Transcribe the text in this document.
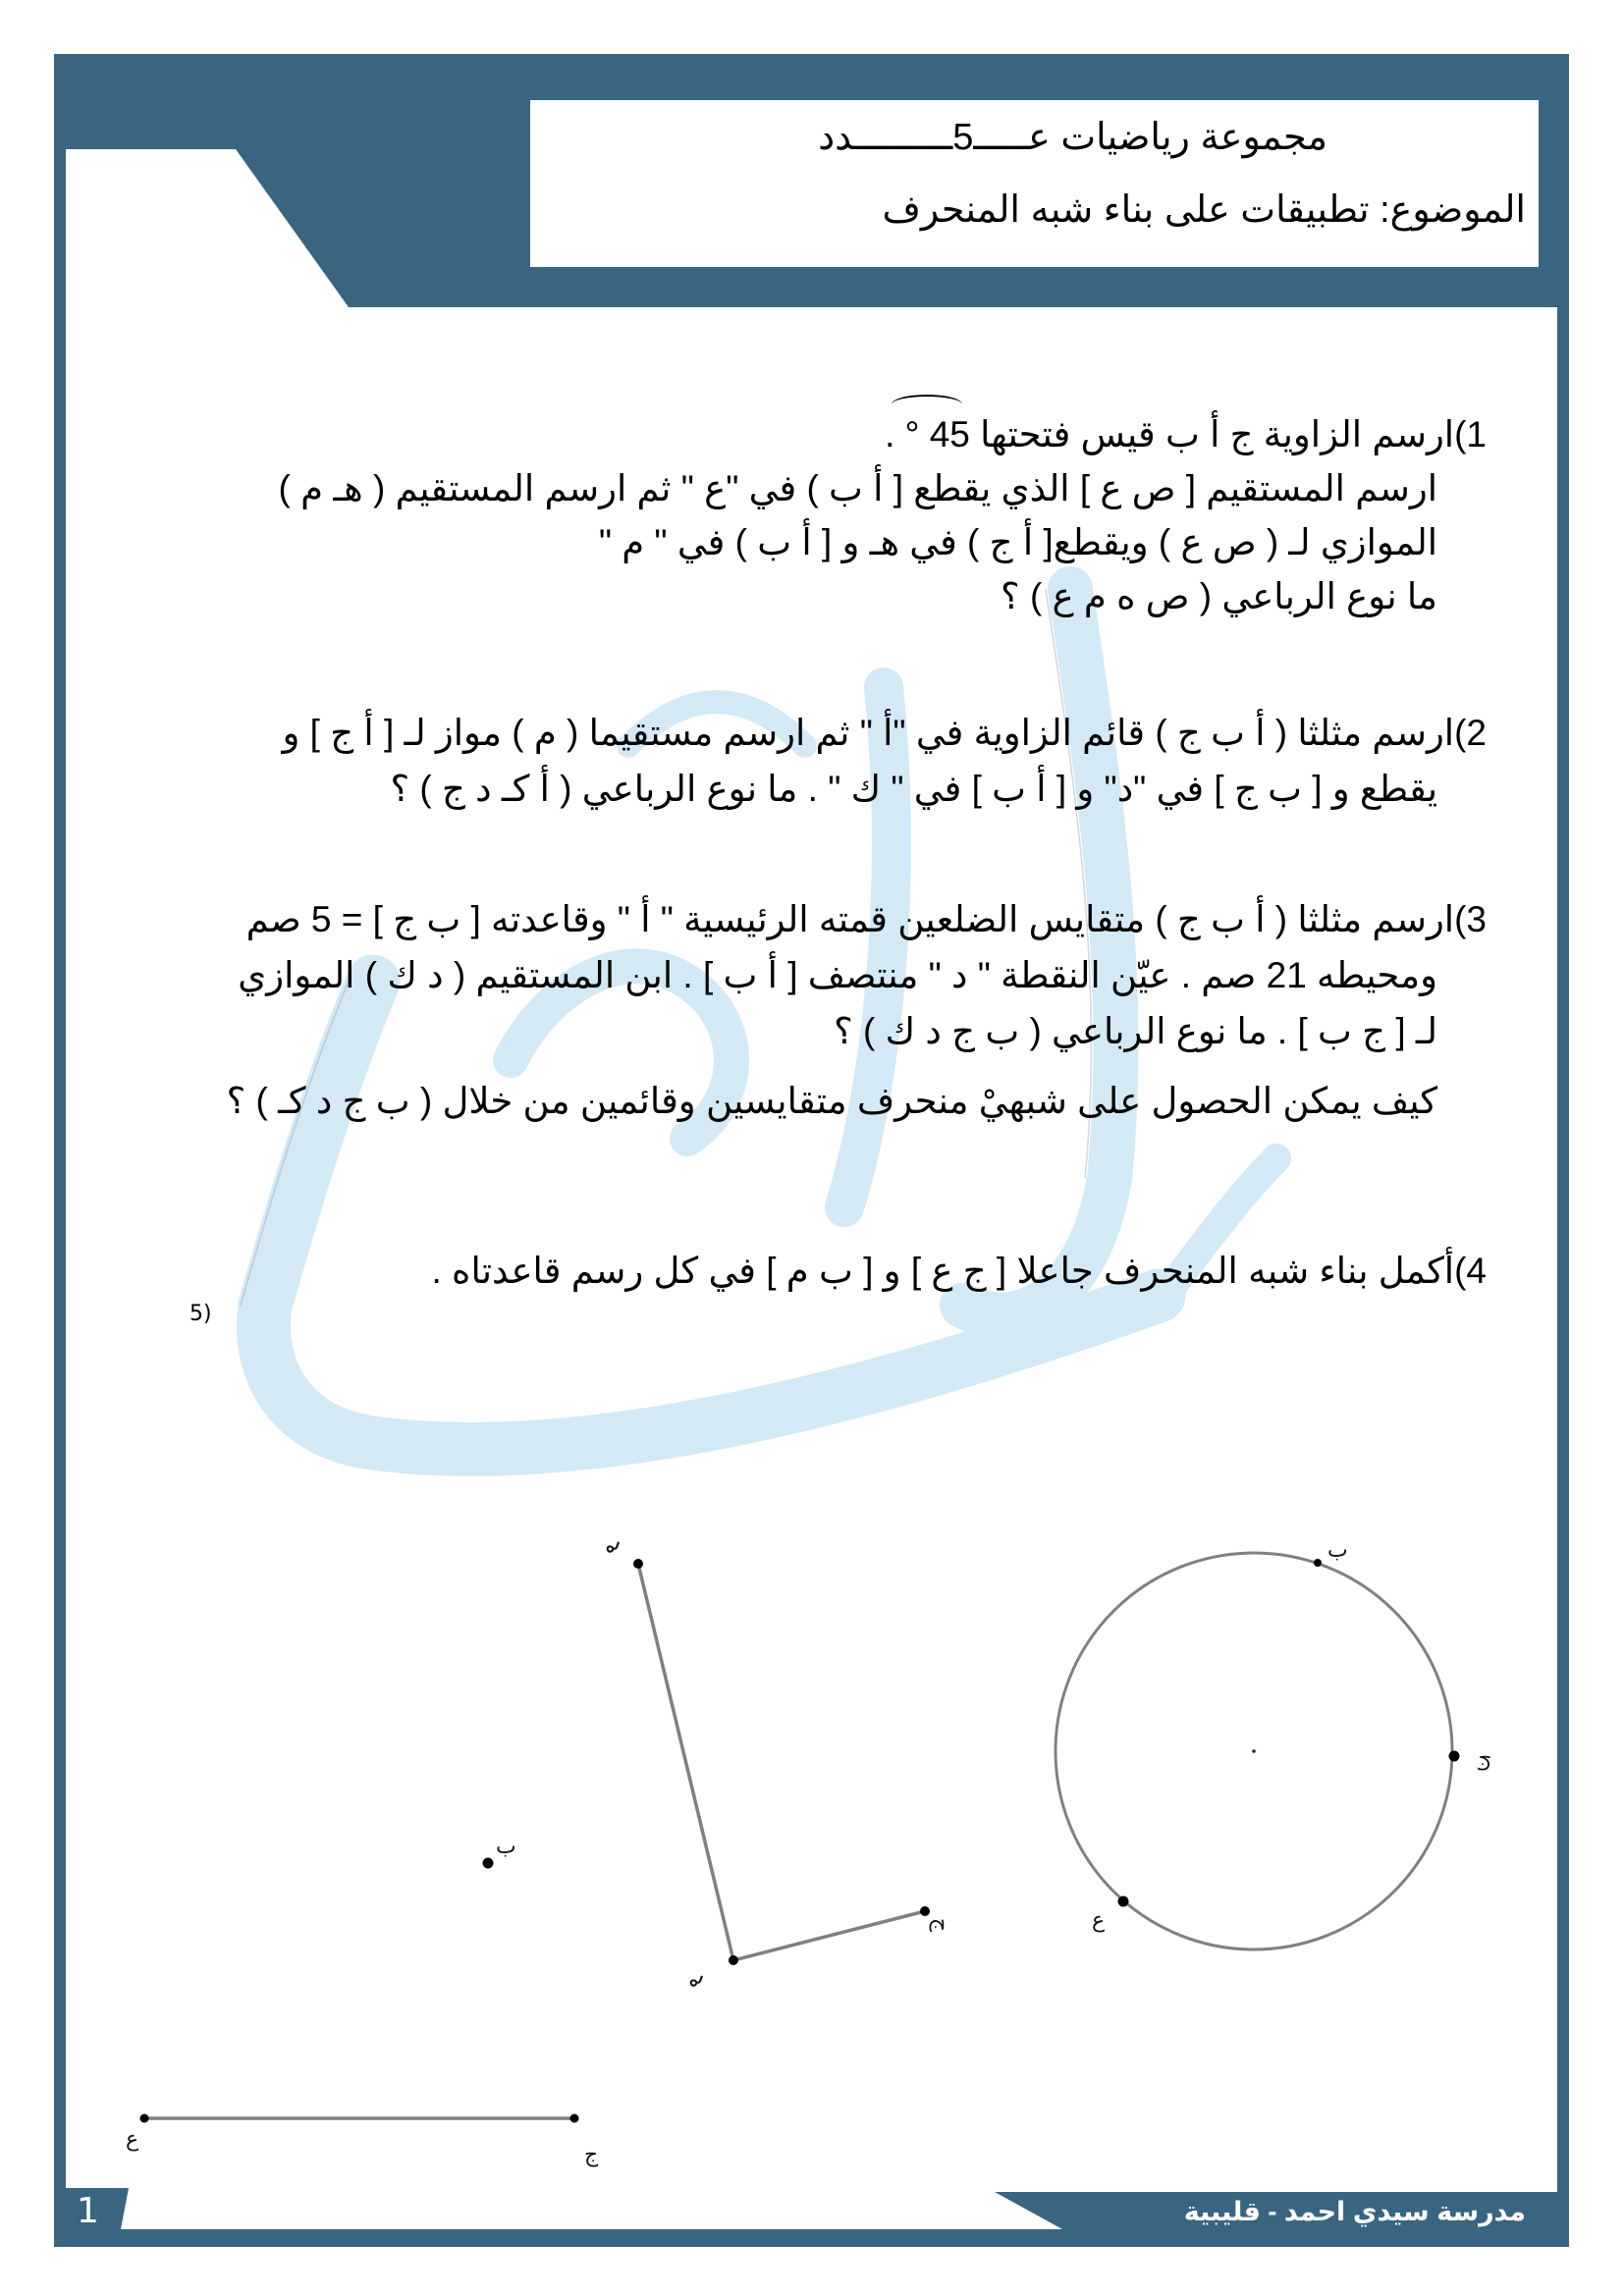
مجموعة رياضيات عـــــ5ـــــــــدد
الموضوع: تطبيقات على بناء شبه المنحرف
1)ارسم الزاوية ج أ ب قيس فتحتها 45 ° .
ارسم المستقيم [ ص ع ] الذي يقطع [ أ ب ) في "ع " ثم ارسم المستقيم ( هـ م )
الموازي لـ ( ص ع ) ويقطع[ أ ج ) في هـ و [ أ ب ) في " م "
ما نوع الرباعي ( ص ه م ع ) ؟
2)ارسم مثلثا ( أ ب ج ) قائم الزاوية في "أ " ثم ارسم مستقيما ( م ) مواز لـ [ أ ج ] و
يقطع و [ ب ج ] في "د" و [ أ ب ] في " ك " . ما نوع الرباعي ( أ كـ د ج ) ؟
3)ارسم مثلثا ( أ ب ج ) متقايس الضلعين قمته الرئيسية " أ " وقاعدته [ ب ج ] = 5 صم
ومحيطه 21 صم . عيّن النقطة " د " منتصف [ أ ب ] . ابن المستقيم ( د ك ) الموازي
لـ [ ج ب ] . ما نوع الرباعي ( ب ج د ك ) ؟
كيف يمكن الحصول على شبهيْ منحرف متقايسين وقائمين من خلال ( ب ج د كـ ) ؟
4)أكمل بناء شبه المنحرف جاعلا [ ج ع ] و [ ب م ] في كل رسم قاعدتاه .
5)
م
م
ج
ب
ب
ج
ع
ع
ج
1	مدرسة سيدي احمد - قليبية
